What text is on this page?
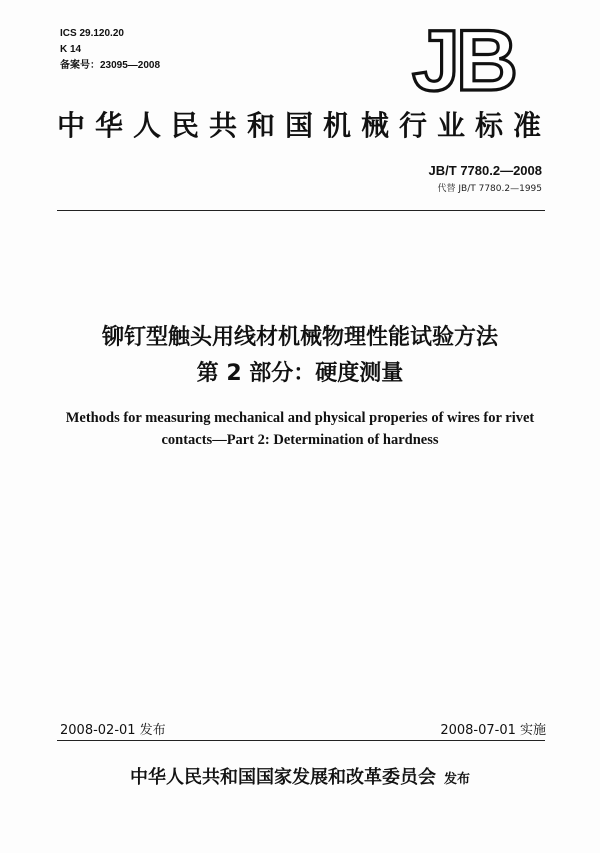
ICS 29.120.20
K 14
备案号：23095—2008	JB
中华人民共和国机械行业标准
JB/T 7780.2—2008
代替 JB/T 7780.2—1995
铆钉型触头用线材机械物理性能试验方法
第 2 部分：硬度测量
Methods for measuring mechanical and physical properies of wires for rivet
contacts—Part 2: Determination of hardness
2008-02-01 发布	2008-07-01 实施
中华人民共和国国家发展和改革委员会 发布
